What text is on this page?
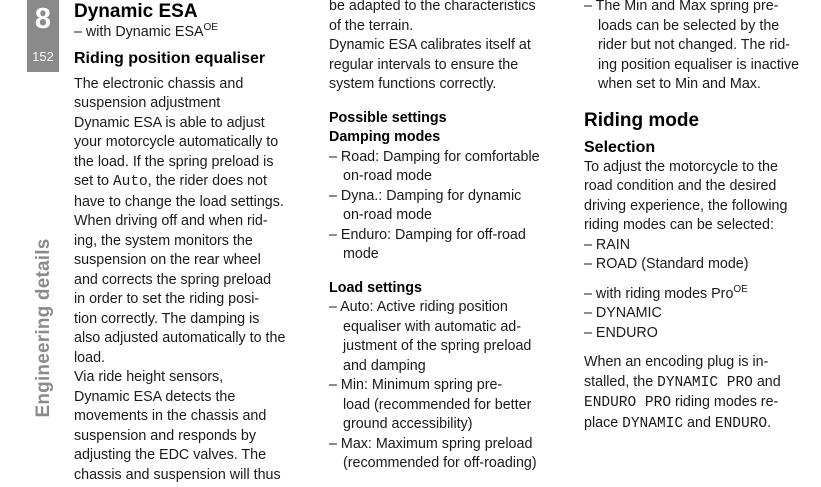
8
152
Engineering details
Dynamic ESA

– with Dynamic $ESA^{OE}$

Riding position equaliser

The electronic chassis and

suspension adjustment

Dynamic ESA is able to adjust

your motorcycle automatically to

the load. If the spring preload is

set to Auto, the rider does not

have to change the load settings.

When driving off and when rid-

ing, the system monitors the

suspension on the rear wheel

and corrects the spring preload

in order to set the riding posi-

tion correctly. The damping is

also adjusted automatically to the

load.

Via ride height sensors,

Dynamic ESA detects the

movements in the chassis and

suspension and responds by

adjusting the EDC valves. The

chassis and suspension will thus

be adapted to the characteristics

of the terrain.

Dynamic ESA calibrates itself at

regular intervals to ensure the

system functions correctly.

Possible settings
Damping modes

– Road: Damping for comfortable
on-road mode

– Dyna.: Damping for dynamic
on-road mode

– Enduro: Damping for off-road
mode

Load settings

– Auto: Active riding position
equaliser with automatic ad-
justment of the spring preload
and damping

– Min: Minimum spring pre-
load (recommended for better
ground accessibility)

– Max: Maximum spring preload
(recommended for off-roading)

– The Min and Max spring pre-
loads can be selected by the
rider but not changed. The rid-
ing position equaliser is inactive
when set to Min and Max.

Riding mode
Selection

To adjust the motorcycle to the

road condition and the desired

driving experience, the following

riding modes can be selected:

– RAIN

– ROAD (Standard mode)

– with riding modes Pro$^{OE}$

– DYNAMIC

– ENDURO

When an encoding plug is in-

stalled, the DYNAMIC PRO and

ENDURO PRO riding modes re-

place DYNAMIC and ENDURO.
